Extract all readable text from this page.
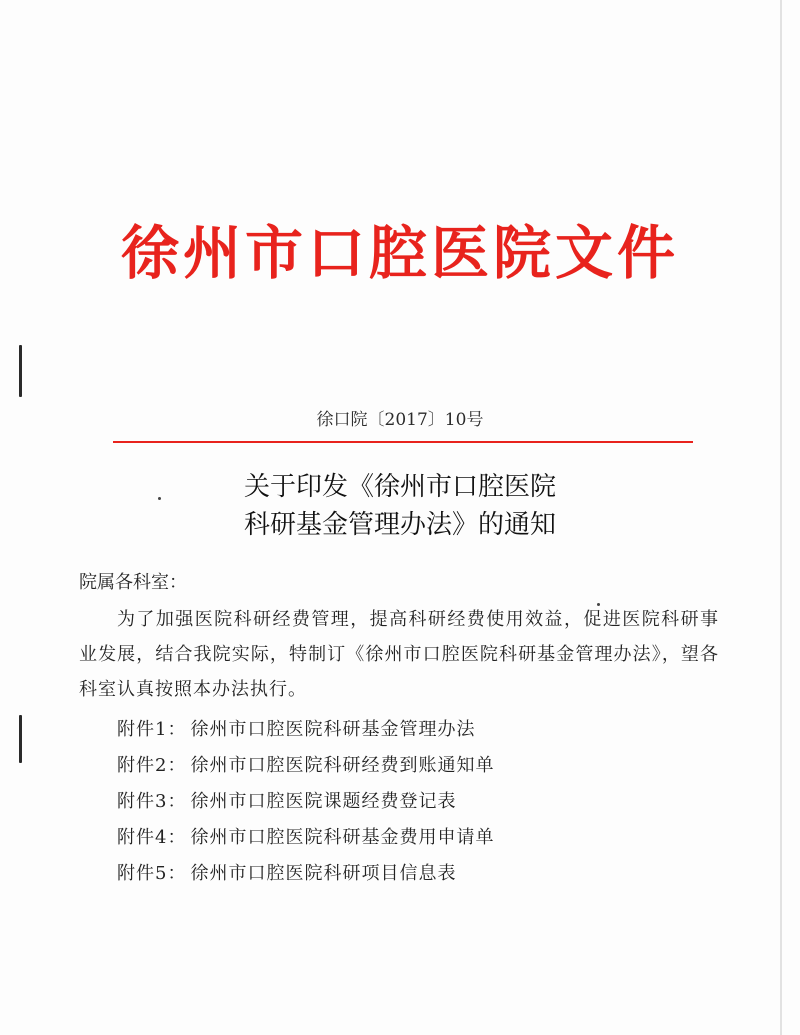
徐州市口腔医院文件
徐口院〔2017〕10号
关于印发《徐州市口腔医院
科研基金管理办法》的通知
院属各科室：
为了加强医院科研经费管理，提高科研经费使用效益，促进医院科研事业发展，结合我院实际，特制订《徐州市口腔医院科研基金管理办法》，望各科室认真按照本办法执行。
附件1： 徐州市口腔医院科研基金管理办法
附件2： 徐州市口腔医院科研经费到账通知单
附件3： 徐州市口腔医院课题经费登记表
附件4： 徐州市口腔医院科研基金费用申请单
附件5： 徐州市口腔医院科研项目信息表
